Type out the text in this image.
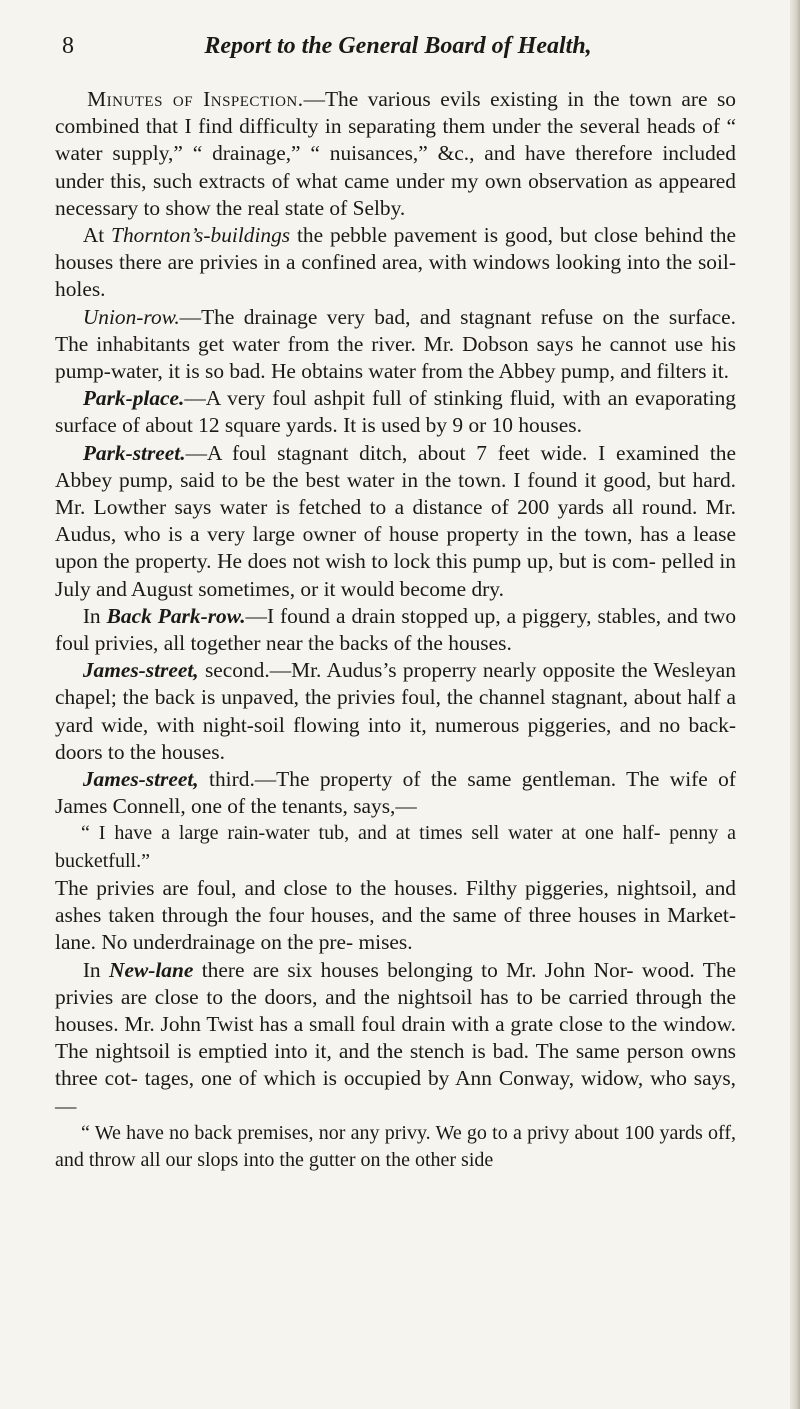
8	Report to the General Board of Health,

Minutes of Inspection.—The various evils existing in the town are so combined that I find difficulty in separating them under the several heads of “ water supply,” “ drainage,” “ nuisances,” &c., and have therefore included under this, such extracts of what came under my own observation as appeared necessary to show the real state of Selby.

At Thornton’s-buildings the pebble pavement is good, but close behind the houses there are privies in a confined area, with windows looking into the soil-holes.

Union-row.—The drainage very bad, and stagnant refuse on the surface. The inhabitants get water from the river. Mr. Dobson says he cannot use his pump-water, it is so bad. He obtains water from the Abbey pump, and filters it.

Park-place.—A very foul ashpit full of stinking fluid, with an evaporating surface of about 12 square yards. It is used by 9 or 10 houses.

Park-street.—A foul stagnant ditch, about 7 feet wide. I examined the Abbey pump, said to be the best water in the town. I found it good, but hard. Mr. Lowther says water is fetched to a distance of 200 yards all round. Mr. Audus, who is a very large owner of house property in the town, has a lease upon the property. He does not wish to lock this pump up, but is com- pelled in July and August sometimes, or it would become dry.

In Back Park-row.—I found a drain stopped up, a piggery, stables, and two foul privies, all together near the backs of the houses.

James-street, second.—Mr. Audus’s properry nearly opposite the Wesleyan chapel; the back is unpaved, the privies foul, the channel stagnant, about half a yard wide, with night-soil flowing into it, numerous piggeries, and no back-doors to the houses.

James-street, third.—The property of the same gentleman. The wife of James Connell, one of the tenants, says,—

“ I have a large rain-water tub, and at times sell water at one half- penny a bucketfull.”

The privies are foul, and close to the houses. Filthy piggeries, nightsoil, and ashes taken through the four houses, and the same of three houses in Market-lane. No underdrainage on the pre- mises.

In New-lane there are six houses belonging to Mr. John Nor- wood. The privies are close to the doors, and the nightsoil has to be carried through the houses. Mr. John Twist has a small foul drain with a grate close to the window. The nightsoil is emptied into it, and the stench is bad. The same person owns three cot- tages, one of which is occupied by Ann Conway, widow, who says,—

“ We have no back premises, nor any privy. We go to a privy about 100 yards off, and throw all our slops into the gutter on the other side
